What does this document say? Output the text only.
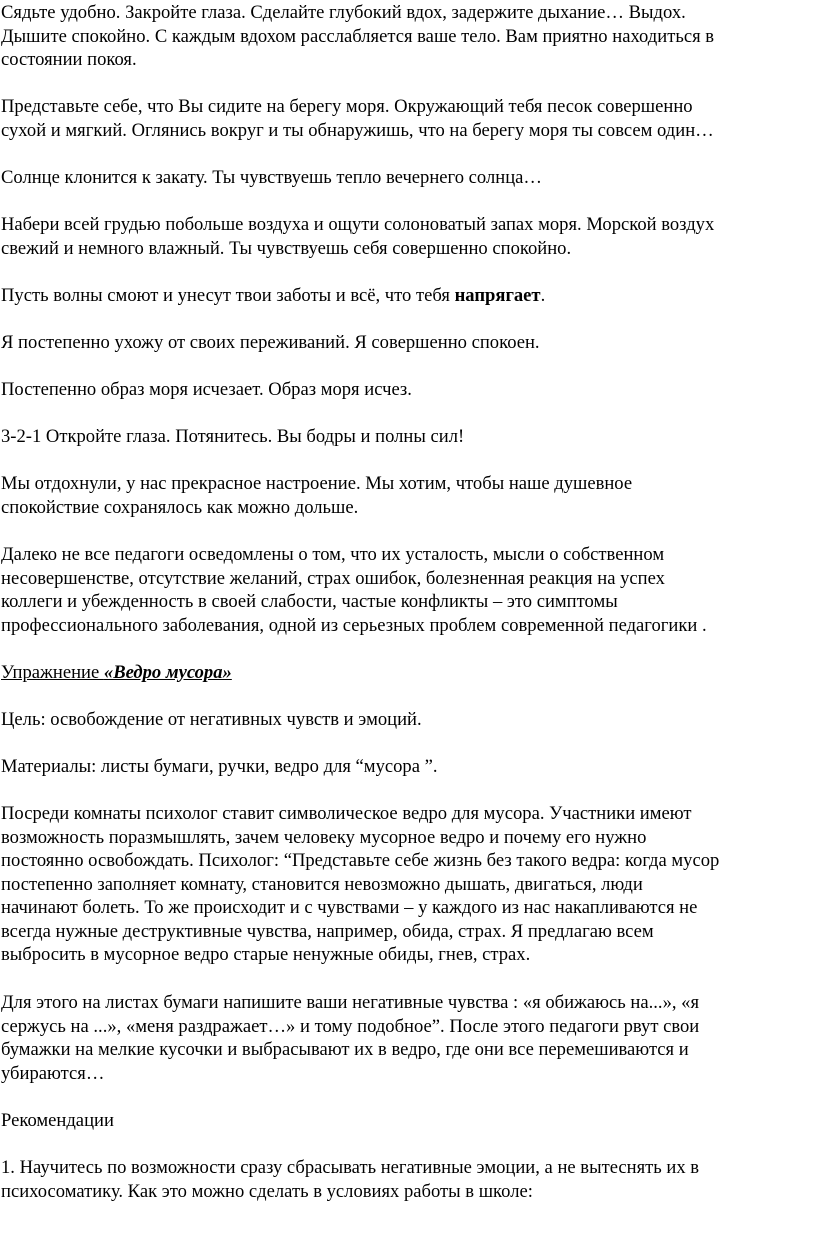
Сядьте удобно. Закройте глаза. Сделайте глубокий вдох, задержите дыхание… Выдох.
Дышите спокойно. С каждым вдохом расслабляется ваше тело. Вам приятно находиться в
состоянии покоя.
Представьте себе, что Вы сидите на берегу моря. Окружающий тебя песок совершенно
сухой и мягкий. Оглянись вокруг и ты обнаружишь, что на берегу моря ты совсем один…
Солнце клонится к закату. Ты чувствуешь тепло вечернего солнца…
Набери всей грудью побольше воздуха и ощути солоноватый запах моря. Морской воздух
свежий и немного влажный. Ты чувствуешь себя совершенно спокойно.
Пусть волны смоют и унесут твои заботы и всё, что тебя напрягает.
Я постепенно ухожу от своих переживаний. Я совершенно спокоен.
Постепенно образ моря исчезает. Образ моря исчез.
3-2-1 Откройте глаза. Потянитесь. Вы бодры и полны сил!
Мы отдохнули, у нас прекрасное настроение. Мы хотим, чтобы наше душевное
спокойствие сохранялось как можно дольше.
Далеко не все педагоги осведомлены о том, что их усталость, мысли о собственном
несовершенстве, отсутствие желаний, страх ошибок, болезненная реакция на успех
коллеги и убежденность в своей слабости, частые конфликты – это симптомы
профессионального заболевания, одной из серьезных проблем современной педагогики .
Упражнение «Ведро мусора»
Цель: освобождение от негативных чувств и эмоций.
Материалы: листы бумаги, ручки, ведро для “мусора ”.
Посреди комнаты психолог ставит символическое ведро для мусора. Участники имеют
возможность поразмышлять, зачем человеку мусорное ведро и почему его нужно
постоянно освобождать. Психолог: “Представьте себе жизнь без такого ведра: когда мусор
постепенно заполняет комнату, становится невозможно дышать, двигаться, люди
начинают болеть. То же происходит и с чувствами – у каждого из нас накапливаются не
всегда нужные деструктивные чувства, например, обида, страх. Я предлагаю всем
выбросить в мусорное ведро старые ненужные обиды, гнев, страх.
Для этого на листах бумаги напишите ваши негативные чувства : «я обижаюсь на...», «я
сержусь на ...», «меня раздражает…» и тому подобное”. После этого педагоги рвут свои
бумажки на мелкие кусочки и выбрасывают их в ведро, где они все перемешиваются и
убираются…
Рекомендации
1. Научитесь по возможности сразу сбрасывать негативные эмоции, а не вытеснять их в
психосоматику. Как это можно сделать в условиях работы в школе:
